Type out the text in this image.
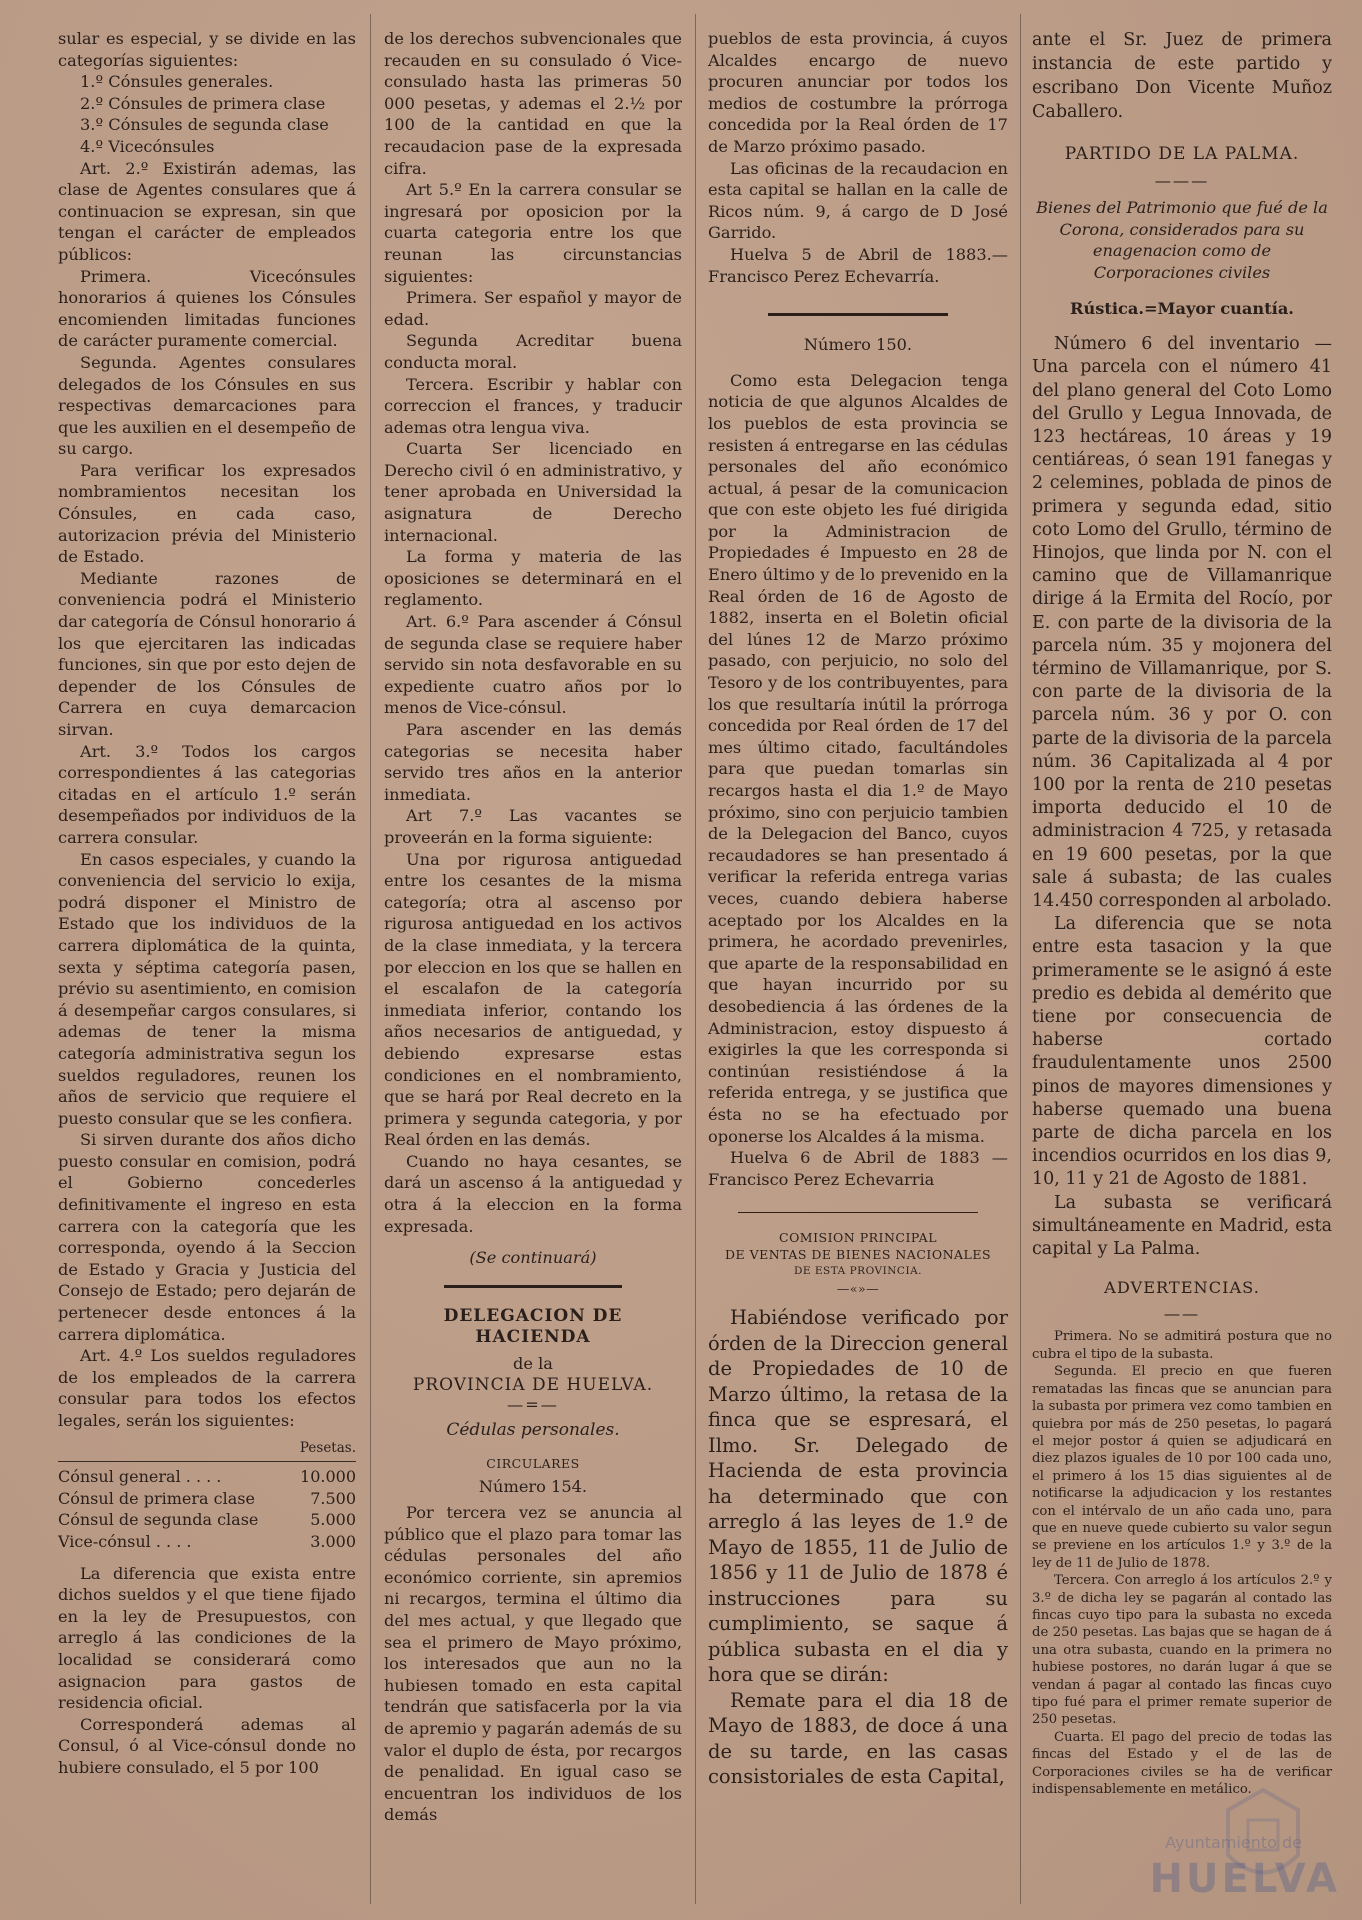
sular es especial, y se divide en las categorías siguientes:

1.º Cónsules generales.

2.º Cónsules de primera clase

3.º Cónsules de segunda clase

4.º Vicecónsules

Art. 2.º Existirán ademas, las clase de Agentes consulares que á continuacion se expresan, sin que tengan el carácter de empleados públicos:

Primera. Vicecónsules honorarios á quienes los Cónsules encomienden limitadas funciones de carácter puramente comercial.

Segunda. Agentes consulares delegados de los Cónsules en sus respectivas demarcaciones para que les auxilien en el desempeño de su cargo.

Para verificar los expresados nombramientos necesitan los Cónsules, en cada caso, autorizacion prévia del Ministerio de Estado.

Mediante razones de conveniencia podrá el Ministerio dar categoría de Cónsul honorario á los que ejercitaren las indicadas funciones, sin que por esto dejen de depender de los Cónsules de Carrera en cuya demarcacion sirvan.

Art. 3.º Todos los cargos correspondientes á las categorias citadas en el artículo 1.º serán desempeñados por individuos de la carrera consular.

En casos especiales, y cuando la conveniencia del servicio lo exija, podrá disponer el Ministro de Estado que los individuos de la carrera diplomática de la quinta, sexta y séptima categoría pasen, prévio su asentimiento, en comision á desempeñar cargos consulares, si ademas de tener la misma categoría administrativa segun los sueldos reguladores, reunen los años de servicio que requiere el puesto consular que se les confiera.

Si sirven durante dos años dicho puesto consular en comision, podrá el Gobierno concederles definitivamente el ingreso en esta carrera con la categoría que les corresponda, oyendo á la Seccion de Estado y Gracia y Justicia del Consejo de Estado; pero dejarán de pertenecer desde entonces á la carrera diplomática.

Art. 4.º Los sueldos reguladores de los empleados de la carrera consular para todos los efectos legales, serán los siguientes:

Pesetas.
Cónsul general . . . .	10.000
Cónsul de primera clase	7.500
Cónsul de segunda clase	5.000
Vice-cónsul . . . .	3.000

La diferencia que exista entre dichos sueldos y el que tiene fijado en la ley de Presupuestos, con arreglo á las condiciones de la localidad se considerará como asignacion para gastos de residencia oficial.

Corresponderá ademas al Consul, ó al Vice-cónsul donde no hubiere consulado, el 5 por 100

de los derechos subvencionales que recauden en su consulado ó Vice-consulado hasta las primeras 50 000 pesetas, y ademas el 2.½ por 100 de la cantidad en que la recaudacion pase de la expresada cifra.

Art 5.º En la carrera consular se ingresará por oposicion por la cuarta categoria entre los que reunan las circunstancias siguientes:

Primera. Ser español y mayor de edad.

Segunda Acreditar buena conducta moral.

Tercera. Escribir y hablar con correccion el frances, y traducir ademas otra lengua viva.

Cuarta Ser licenciado en Derecho civil ó en administrativo, y tener aprobada en Universidad la asignatura de Derecho internacional.

La forma y materia de las oposiciones se determinará en el reglamento.

Art. 6.º Para ascender á Cónsul de segunda clase se requiere haber servido sin nota desfavorable en su expediente cuatro años por lo menos de Vice-cónsul.

Para ascender en las demás categorias se necesita haber servido tres años en la anterior inmediata.

Art 7.º Las vacantes se proveerán en la forma siguiente:

Una por rigurosa antiguedad entre los cesantes de la misma categoría; otra al ascenso por rigurosa antiguedad en los activos de la clase inmediata, y la tercera por eleccion en los que se hallen en el escalafon de la categoría inmediata inferior, contando los años necesarios de antiguedad, y debiendo expresarse estas condiciones en el nombramiento, que se hará por Real decreto en la primera y segunda categoria, y por Real órden en las demás.

Cuando no haya cesantes, se dará un ascenso á la antiguedad y otra á la eleccion en la forma expresada.

(Se continuará)

DELEGACION DE HACIENDA
de la
PROVINCIA DE HUELVA.
—=—
Cédulas personales.
CIRCULARES
Número 154.

Por tercera vez se anuncia al público que el plazo para tomar las cédulas personales del año económico corriente, sin apremios ni recargos, termina el último dia del mes actual, y que llegado que sea el primero de Mayo próximo, los interesados que aun no la hubiesen tomado en esta capital tendrán que satisfacerla por la via de apremio y pagarán además de su valor el duplo de ésta, por recargos de penalidad. En igual caso se encuentran los individuos de los demás

pueblos de esta provincia, á cuyos Alcaldes encargo de nuevo procuren anunciar por todos los medios de costumbre la prórroga concedida por la Real órden de 17 de Marzo próximo pasado.

Las oficinas de la recaudacion en esta capital se hallan en la calle de Ricos núm. 9, á cargo de D José Garrido.

Huelva 5 de Abril de 1883.— Francisco Perez Echevarría.

Número 150.

Como esta Delegacion tenga noticia de que algunos Alcaldes de los pueblos de esta provincia se resisten á entregarse en las cédulas personales del año económico actual, á pesar de la comunicacion que con este objeto les fué dirigida por la Administracion de Propiedades é Impuesto en 28 de Enero último y de lo prevenido en la Real órden de 16 de Agosto de 1882, inserta en el Boletin oficial del lúnes 12 de Marzo próximo pasado, con perjuicio, no solo del Tesoro y de los contribuyentes, para los que resultaría inútil la prórroga concedida por Real órden de 17 del mes último citado, facultándoles para que puedan tomarlas sin recargos hasta el dia 1.º de Mayo próximo, sino con perjuicio tambien de la Delegacion del Banco, cuyos recaudadores se han presentado á verificar la referida entrega varias veces, cuando debiera haberse aceptado por los Alcaldes en la primera, he acordado prevenirles, que aparte de la responsabilidad en que hayan incurrido por su desobediencia á las órdenes de la Administracion, estoy dispuesto á exigirles la que les corresponda si continúan resistiéndose á la referida entrega, y se justifica que ésta no se ha efectuado por oponerse los Alcaldes á la misma.

Huelva 6 de Abril de 1883 — Francisco Perez Echevarria

COMISION PRINCIPAL
DE VENTAS DE BIENES NACIONALES
DE ESTA PROVINCIA.
—«»—

Habiéndose verificado por órden de la Direccion general de Propiedades de 10 de Marzo último, la retasa de la finca que se espresará, el Ilmo. Sr. Delegado de Hacienda de esta provincia ha determinado que con arreglo á las leyes de 1.º de Mayo de 1855, 11 de Julio de 1856 y 11 de Julio de 1878 é instrucciones para su cumplimiento, se saque á pública subasta en el dia y hora que se dirán:

Remate para el dia 18 de Mayo de 1883, de doce á una de su tarde, en las casas consistoriales de esta Capital,

ante el Sr. Juez de primera instancia de este partido y escribano Don Vicente Muñoz Caballero.

PARTIDO DE LA PALMA.
———

Bienes del Patrimonio que fué de la Corona, considerados para su enagenacion como de Corporaciones civiles

Rústica.=Mayor cuantía.

Número 6 del inventario — Una parcela con el número 41 del plano general del Coto Lomo del Grullo y Legua Innovada, de 123 hectáreas, 10 áreas y 19 centiáreas, ó sean 191 fanegas y 2 celemines, poblada de pinos de primera y segunda edad, sitio coto Lomo del Grullo, término de Hinojos, que linda por N. con el camino que de Villamanrique dirige á la Ermita del Rocío, por E. con parte de la divisoria de la parcela núm. 35 y mojonera del término de Villamanrique, por S. con parte de la divisoria de la parcela núm. 36 y por O. con parte de la divisoria de la parcela núm. 36 Capitalizada al 4 por 100 por la renta de 210 pesetas importa deducido el 10 de administracion 4 725, y retasada en 19 600 pesetas, por la que sale á subasta; de las cuales 14.450 corresponden al arbolado.

La diferencia que se nota entre esta tasacion y la que primeramente se le asignó á este predio es debida al demérito que tiene por consecuencia de haberse cortado fraudulentamente unos 2500 pinos de mayores dimensiones y haberse quemado una buena parte de dicha parcela en los incendios ocurridos en los dias 9, 10, 11 y 21 de Agosto de 1881.

La subasta se verificará simultáneamente en Madrid, esta capital y La Palma.

ADVERTENCIAS.
——

Primera. No se admitirá postura que no cubra el tipo de la subasta.

Segunda. El precio en que fueren rematadas las fincas que se anuncian para la subasta por primera vez como tambien en quiebra por más de 250 pesetas, lo pagará el mejor postor á quien se adjudicará en diez plazos iguales de 10 por 100 cada uno, el primero á los 15 dias siguientes al de notificarse la adjudicacion y los restantes con el intérvalo de un año cada uno, para que en nueve quede cubierto su valor segun se previene en los artículos 1.º y 3.º de la ley de 11 de Julio de 1878.

Tercera. Con arreglo á los artículos 2.º y 3.º de dicha ley se pagarán al contado las fincas cuyo tipo para la subasta no exceda de 250 pesetas. Las bajas que se hagan de á una otra subasta, cuando en la primera no hubiese postores, no darán lugar á que se vendan á pagar al contado las fincas cuyo tipo fué para el primer remate superior de 250 pesetas.

Cuarta. El pago del precio de todas las fincas del Estado y el de las de Corporaciones civiles se ha de verificar indispensablemente en metálico.

Ayuntamiento de
HUELVA
